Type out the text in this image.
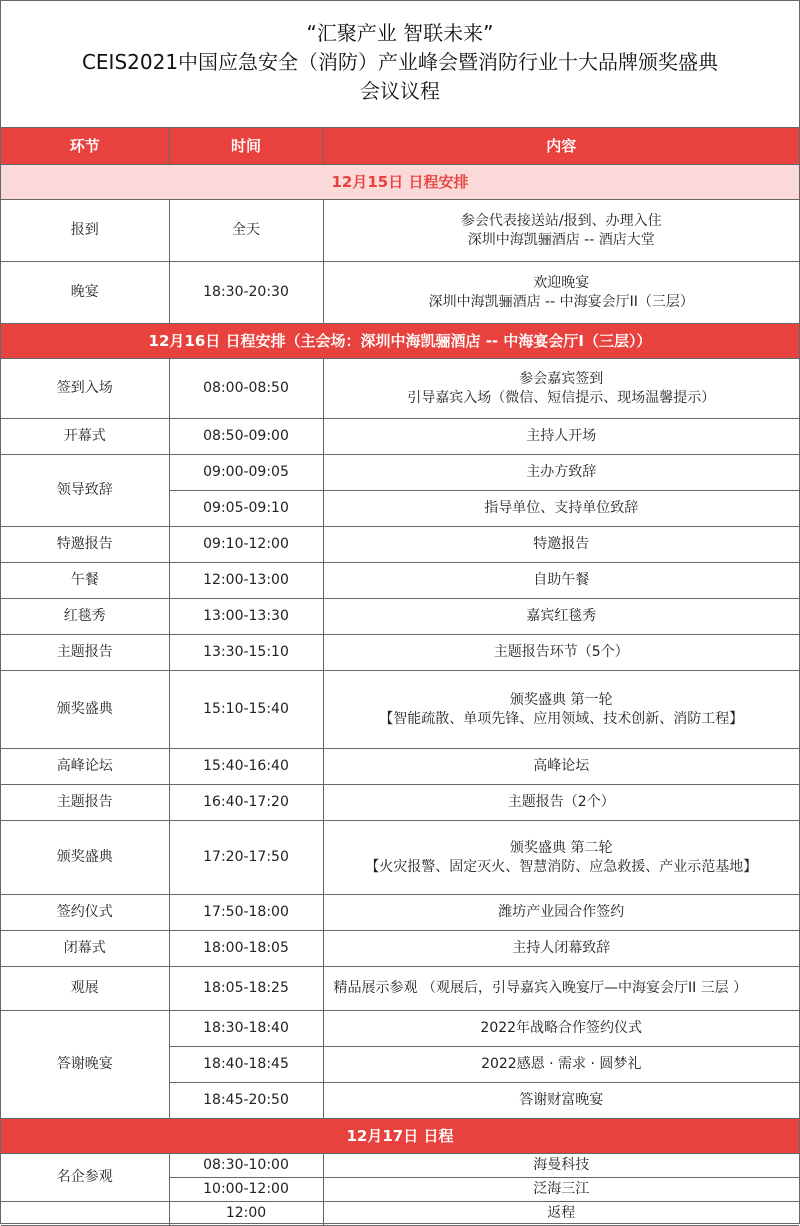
“汇聚产业 智联未来”
CEIS2021中国应急安全（消防）产业峰会暨消防行业十大品牌颁奖盛典
会议议程
环节	时间	内容
12月15日 日程安排		
报到	全天	参会代表接送站/报到、办理入住
深圳中海凯骊酒店 -- 酒店大堂

晚宴	18:30-20:30	欢迎晚宴
深圳中海凯骊酒店 -- 中海宴会厅II（三层）

12月16日 日程安排（主会场：深圳中海凯骊酒店 -- 中海宴会厅I（三层））		
签到入场	08:00-08:50	参会嘉宾签到
引导嘉宾入场（微信、短信提示、现场温馨提示）

开幕式	08:50-09:00	主持人开场

领导致辞	09:00-09:05	主办方致辞

	09:05-09:10	指导单位、支持单位致辞

特邀报告	09:10-12:00	特邀报告

午餐	12:00-13:00	自助午餐

红毯秀	13:00-13:30	嘉宾红毯秀

主题报告	13:30-15:10	主题报告环节（5个）

颁奖盛典	15:10-15:40	颁奖盛典 第一轮
【智能疏散、单项先锋、应用领域、技术创新、消防工程】

高峰论坛	15:40-16:40	高峰论坛

主题报告	16:40-17:20	主题报告（2个）

颁奖盛典	17:20-17:50	颁奖盛典 第二轮
【火灾报警、固定灭火、智慧消防、应急救援、产业示范基地】

签约仪式	17:50-18:00	潍坊产业园合作签约

闭幕式	18:00-18:05	主持人闭幕致辞

观展	18:05-18:25	精品展示参观 （观展后，引导嘉宾入晚宴厅—中海宴会厅II 三层 ）

答谢晚宴	18:30-18:40	2022年战略合作签约仪式

	18:40-18:45	2022感恩 · 需求 · 圆梦礼

	18:45-20:50	答谢财富晚宴

12月17日 日程		
名企参观	08:30-10:00	海曼科技

	10:00-12:00	泛海三江

	12:00	返程
